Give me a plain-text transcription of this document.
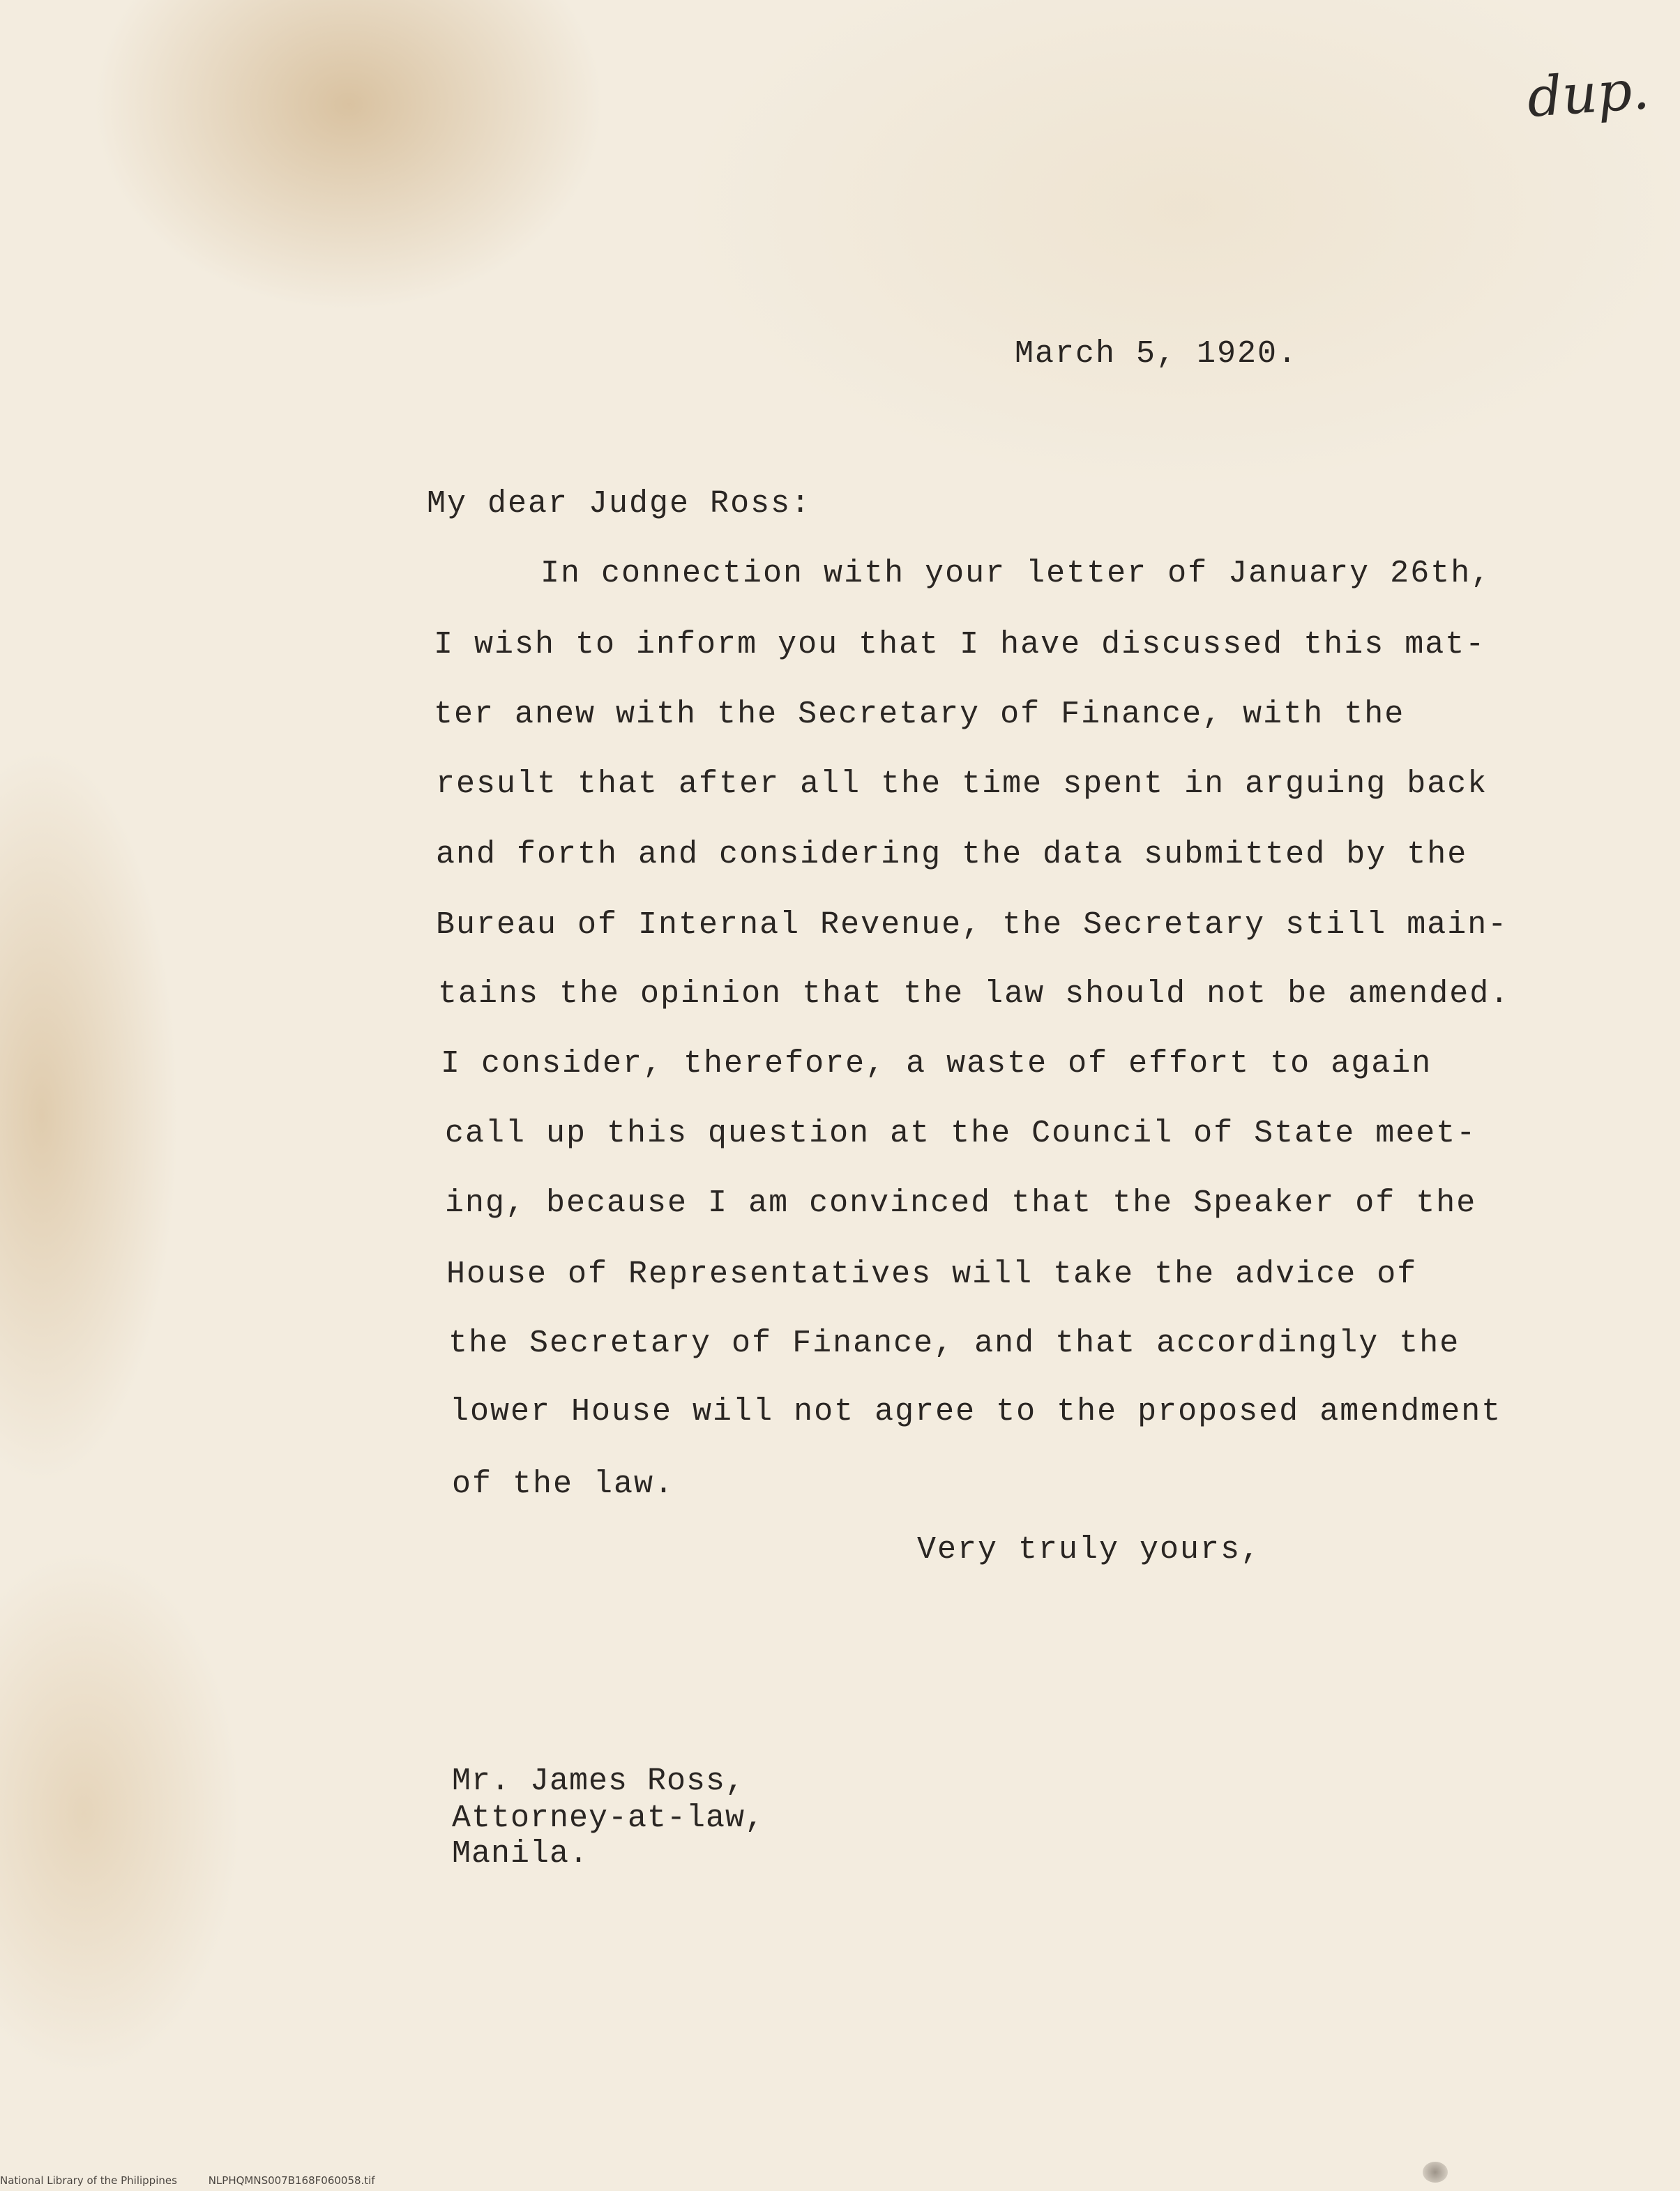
dup.
March 5, 1920.
My dear Judge Ross:
In connection with your letter of January 26th,
I wish to inform you that I have discussed this mat-
ter anew with the Secretary of Finance, with the
result that after all the time spent in arguing back
and forth and considering the data submitted by the
Bureau of Internal Revenue, the Secretary still main-
tains the opinion that the law should not be amended.
I consider, therefore, a waste of effort to again
call up this question at the Council of State meet-
ing, because I am convinced that the Speaker of the
House of Representatives will take the advice of
the Secretary of Finance, and that accordingly the
lower House will not agree to the proposed amendment
of the law.
Very truly yours,
Mr. James Ross,
Attorney-at-law,
Manila.
National Library of the Philippines	NLPHQMNS007B168F060058.tif
